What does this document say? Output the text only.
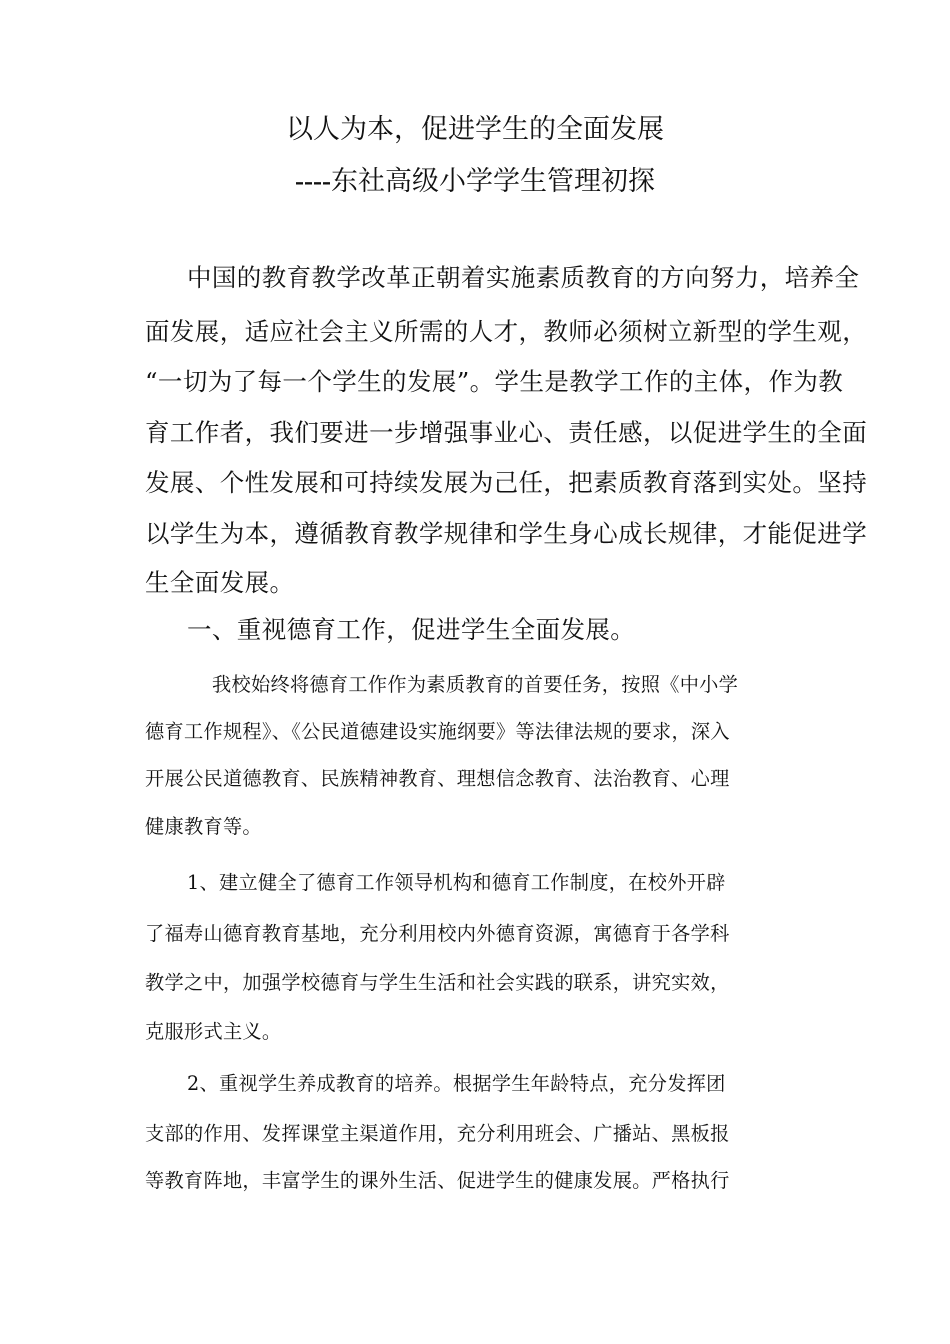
以人为本，促进学生的全面发展
----东社高级小学学生管理初探

中国的教育教学改革正朝着实施素质教育的方向努力，培养全

面发展，适应社会主义所需的人才，教师必须树立新型的学生观，

“一切为了每一个学生的发展”。学生是教学工作的主体，作为教

育工作者，我们要进一步增强事业心、责任感，以促进学生的全面

发展、个性发展和可持续发展为己任，把素质教育落到实处。坚持

以学生为本，遵循教育教学规律和学生身心成长规律，才能促进学

生全面发展。

一、重视德育工作，促进学生全面发展。

我校始终将德育工作作为素质教育的首要任务，按照《中小学

德育工作规程》、《公民道德建设实施纲要》等法律法规的要求，深入

开展公民道德教育、民族精神教育、理想信念教育、法治教育、心理

健康教育等。

1、建立健全了德育工作领导机构和德育工作制度，在校外开辟

了福寿山德育教育基地，充分利用校内外德育资源，寓德育于各学科

教学之中，加强学校德育与学生生活和社会实践的联系，讲究实效，

克服形式主义。

2、重视学生养成教育的培养。根据学生年龄特点，充分发挥团

支部的作用、发挥课堂主渠道作用，充分利用班会、广播站、黑板报

等教育阵地，丰富学生的课外生活、促进学生的健康发展。严格执行
